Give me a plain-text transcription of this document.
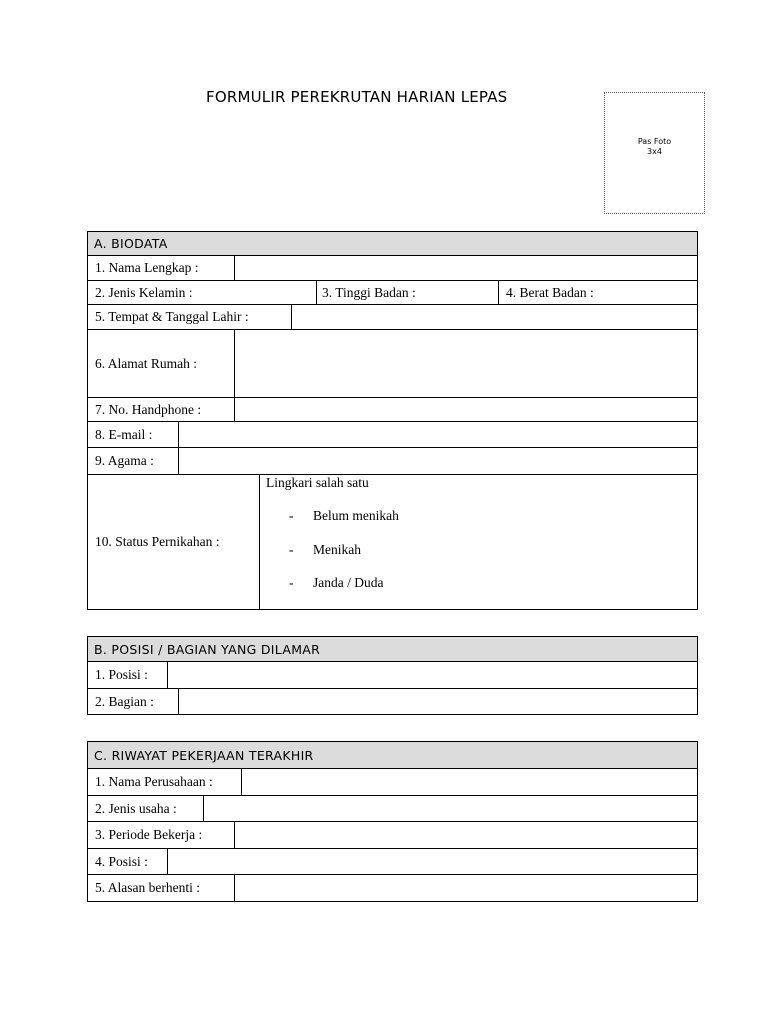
FORMULIR PEREKRUTAN HARIAN LEPAS
Pas Foto
3x4
A. BIODATA
1. Nama Lengkap :
2. Jenis Kelamin :	3. Tinggi Badan :	4. Berat Badan :
5. Tempat & Tanggal Lahir :
6. Alamat Rumah :
7. No. Handphone :
8. E-mail :
9. Agama :
10. Status Pernikahan :
Lingkari salah satu
- Belum menikah
- Menikah
- Janda / Duda
B. POSISI / BAGIAN YANG DILAMAR
1. Posisi :
2. Bagian :
C. RIWAYAT PEKERJAAN TERAKHIR
1. Nama Perusahaan :
2. Jenis usaha :
3. Periode Bekerja :
4. Posisi :
5. Alasan berhenti :
